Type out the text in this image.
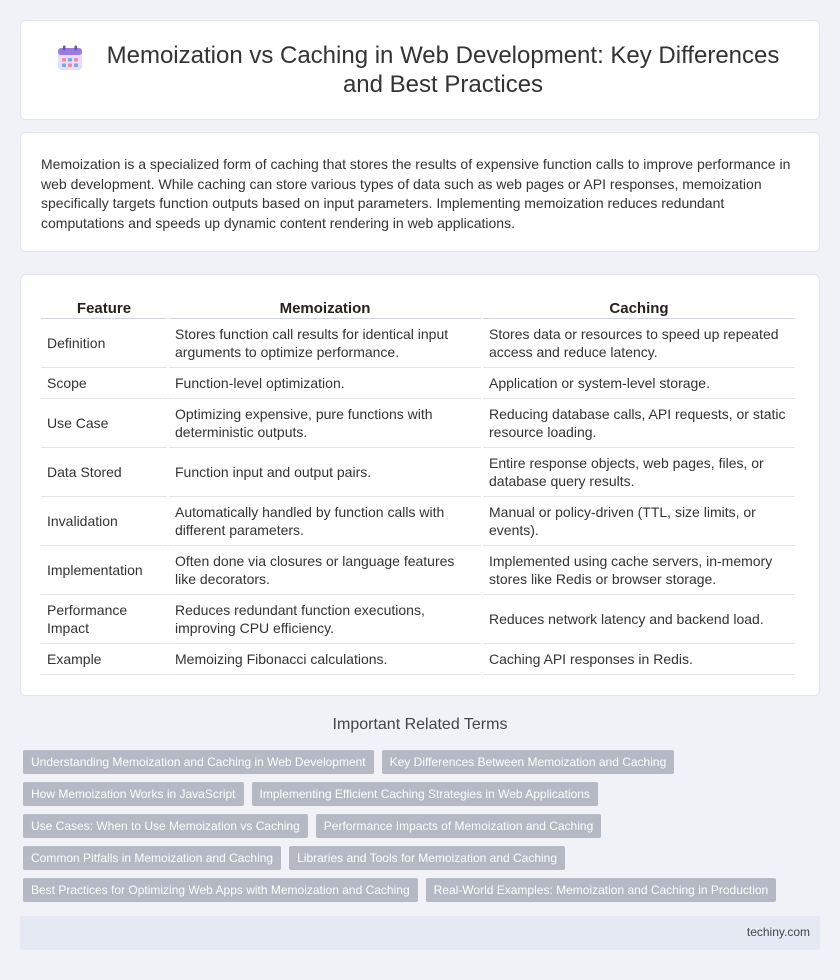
Memoization vs Caching in Web Development: Key Differences and Best Practices

Memoization is a specialized form of caching that stores the results of expensive function calls to improve performance in web development. While caching can store various types of data such as web pages or API responses, memoization specifically targets function outputs based on input parameters. Implementing memoization reduces redundant computations and speeds up dynamic content rendering in web applications.

Feature	Memoization	Caching
Definition	Stores function call results for identical input arguments to optimize performance.	Stores data or resources to speed up repeated access and reduce latency.
Scope	Function-level optimization.	Application or system-level storage.
Use Case	Optimizing expensive, pure functions with deterministic outputs.	Reducing database calls, API requests, or static resource loading.
Data Stored	Function input and output pairs.	Entire response objects, web pages, files, or database query results.
Invalidation	Automatically handled by function calls with different parameters.	Manual or policy-driven (TTL, size limits, or events).
Implementation	Often done via closures or language features like decorators.	Implemented using cache servers, in-memory stores like Redis or browser storage.
Performance Impact	Reduces redundant function executions, improving CPU efficiency.	Reduces network latency and backend load.
Example	Memoizing Fibonacci calculations.	Caching API responses in Redis.
Important Related Terms
Understanding Memoization and Caching in Web Development	Key Differences Between Memoization and Caching
How Memoization Works in JavaScript	Implementing Efficient Caching Strategies in Web Applications
Use Cases: When to Use Memoization vs Caching	Performance Impacts of Memoization and Caching
Common Pitfalls in Memoization and Caching	Libraries and Tools for Memoization and Caching
Best Practices for Optimizing Web Apps with Memoization and Caching	Real-World Examples: Memoization and Caching in Production
techiny.com
